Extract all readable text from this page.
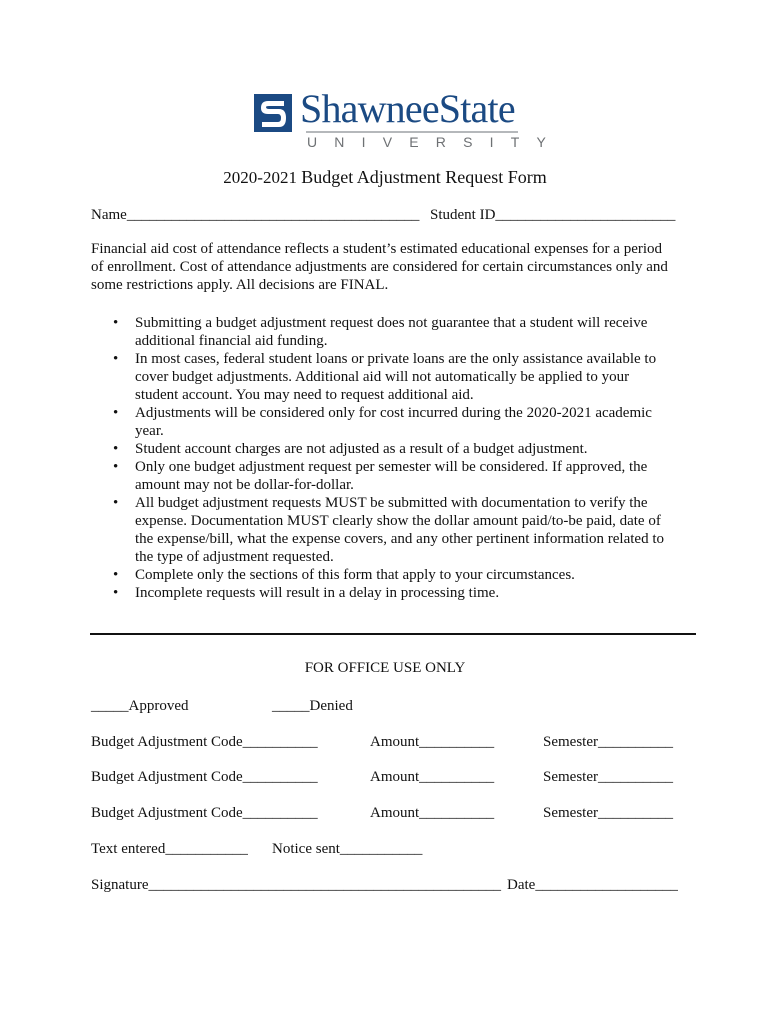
ShawneeState
UNIVERSITY
2020-2021 Budget Adjustment Request Form
Name_______________________________________ Student ID________________________
Financial aid cost of attendance reflects a student’s estimated educational expenses for a period
of enrollment. Cost of attendance adjustments are considered for certain circumstances only and
some restrictions apply. All decisions are FINAL.
• Submitting a budget adjustment request does not guarantee that a student will receive
additional financial aid funding.
• In most cases, federal student loans or private loans are the only assistance available to
cover budget adjustments. Additional aid will not automatically be applied to your
student account. You may need to request additional aid.
• Adjustments will be considered only for cost incurred during the 2020-2021 academic
year.
• Student account charges are not adjusted as a result of a budget adjustment.
• Only one budget adjustment request per semester will be considered. If approved, the
amount may not be dollar-for-dollar.
• All budget adjustment requests MUST be submitted with documentation to verify the
expense. Documentation MUST clearly show the dollar amount paid/to-be paid, date of
the expense/bill, what the expense covers, and any other pertinent information related to
the type of adjustment requested.
• Complete only the sections of this form that apply to your circumstances.
• Incomplete requests will result in a delay in processing time.
FOR OFFICE USE ONLY
_____Approved	_____Denied
Budget Adjustment Code__________	Amount__________	Semester__________
Budget Adjustment Code__________	Amount__________	Semester__________
Budget Adjustment Code__________	Amount__________	Semester__________
Text entered___________ Notice sent___________
Signature_______________________________________________ Date___________________
